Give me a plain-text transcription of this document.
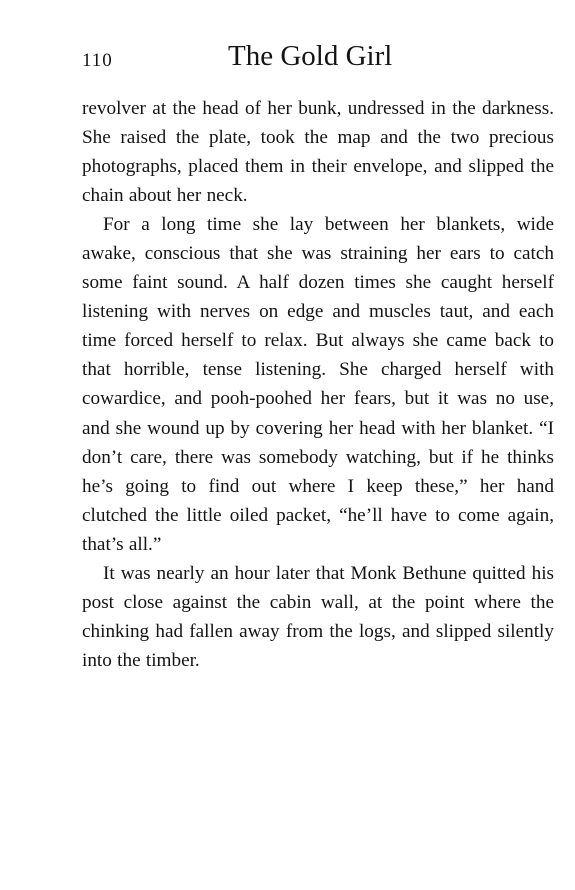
110	The Gold Girl

revolver at the head of her bunk, undressed in the darkness. She raised the plate, took the map and the two precious photographs, placed them in their envelope, and slipped the chain about her neck.

For a long time she lay between her blankets, wide awake, conscious that she was straining her ears to catch some faint sound. A half dozen times she caught herself listening with nerves on edge and muscles taut, and each time forced herself to relax. But always she came back to that horrible, tense listening. She charged herself with cowardice, and pooh-poohed her fears, but it was no use, and she wound up by covering her head with her blanket. “I don’t care, there was somebody watching, but if he thinks he’s going to find out where I keep these,” her hand clutched the little oiled packet, “he’ll have to come again, that’s all.”

It was nearly an hour later that Monk Bethune quitted his post close against the cabin wall, at the point where the chinking had fallen away from the logs, and slipped silently into the timber.
